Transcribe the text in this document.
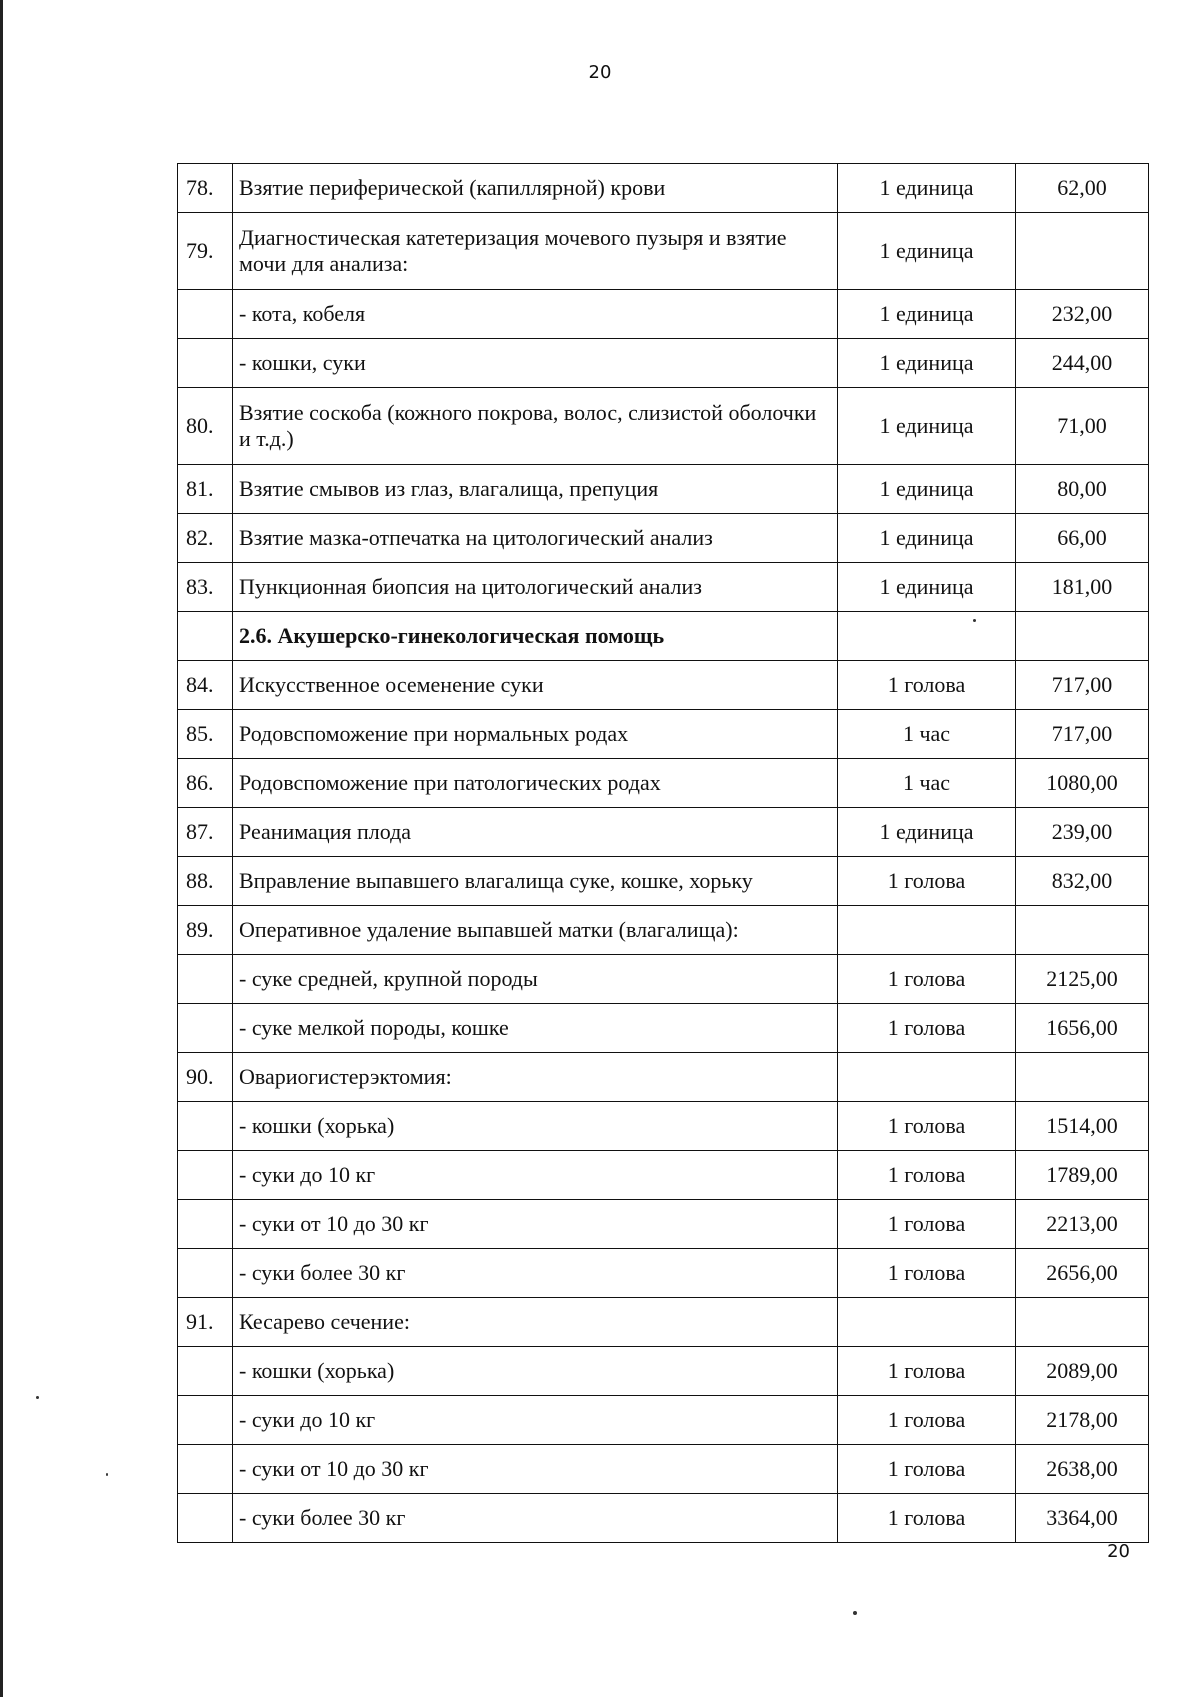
20
78.	Взятие периферической (капиллярной) крови	1 единица	62,00
79.	Диагностическая катетеризация мочевого пузыря и взятие мочи для анализа:	1 единица	
	- кота, кобеля	1 единица	232,00
	- кошки, суки	1 единица	244,00
80.	Взятие соскоба (кожного покрова, волос, слизистой оболочки и т.д.)	1 единица	71,00
81.	Взятие смывов из глаз, влагалища, препуция	1 единица	80,00
82.	Взятие мазка-отпечатка на цитологический анализ	1 единица	66,00
83.	Пункционная биопсия на цитологический анализ	1 единица	181,00
	2.6. Акушерско-гинекологическая помощь		
84.	Искусственное осеменение суки	1 голова	717,00
85.	Родовспоможение при нормальных родах	1 час	717,00
86.	Родовспоможение при патологических родах	1 час	1080,00
87.	Реанимация плода	1 единица	239,00
88.	Вправление выпавшего влагалища суке, кошке, хорьку	1 голова	832,00
89.	Оперативное удаление выпавшей матки (влагалища):		
	- суке средней, крупной породы	1 голова	2125,00
	- суке мелкой породы, кошке	1 голова	1656,00
90.	Овариогистерэктомия:		
	- кошки (хорька)	1 голова	1514,00
	- суки до 10 кг	1 голова	1789,00
	- суки от 10 до 30 кг	1 голова	2213,00
	- суки более 30 кг	1 голова	2656,00
91.	Кесарево сечение:		
	- кошки (хорька)	1 голова	2089,00
	- суки до 10 кг	1 голова	2178,00
	- суки от 10 до 30 кг	1 голова	2638,00
	- суки более 30 кг	1 голова	3364,00
20
